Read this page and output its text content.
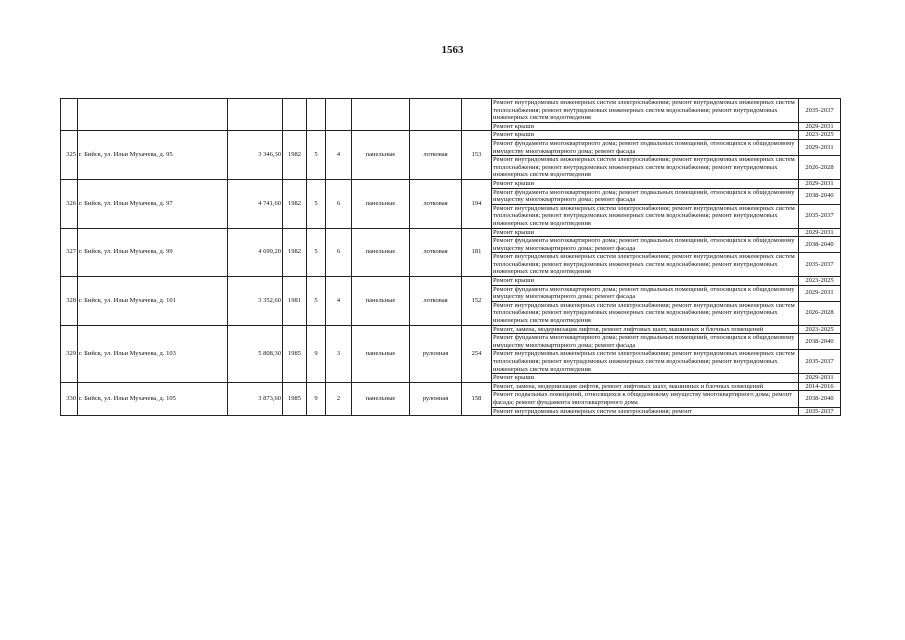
1563
									Ремонт внутридомовых инженерных систем электроснабжения; ремонт внутридомовых инженерных систем теплоснабжения; ремонт внутридомовых инженерных систем водоснабжения; ремонт внутридомовых инженерных систем водоотведения	2035-2037
									Ремонт крыши	2029-2031
325	г. Бийск, ул. Ильи Мухачева, д. 95	3 346,30	1982	5	4	панельные	лотковая	153	Ремонт крыши	2023-2025
									Ремонт фундамента многоквартирного дома; ремонт подвальных помещений, относящихся к общедомовому имуществу многоквартирного дома; ремонт фасада	2029-2031
									Ремонт внутридомовых инженерных систем электроснабжения; ремонт внутридомовых инженерных систем теплоснабжения; ремонт внутридомовых инженерных систем водоснабжения; ремонт внутридомовых инженерных систем водоотведения	2026-2028
326	г. Бийск, ул. Ильи Мухачева, д. 97	4 741,60	1982	5	6	панельные	лотковая	194	Ремонт крыши	2029-2031
									Ремонт фундамента многоквартирного дома; ремонт подвальных помещений, относящихся к общедомовому имуществу многоквартирного дома; ремонт фасада	2038-2040
									Ремонт внутридомовых инженерных систем электроснабжения; ремонт внутридомовых инженерных систем теплоснабжения; ремонт внутридомовых инженерных систем водоснабжения; ремонт внутридомовых инженерных систем водоотведения	2035-2037
327	г. Бийск, ул. Ильи Мухачева, д. 99	4 699,20	1982	5	6	панельные	лотковая	181	Ремонт крыши	2029-2031
									Ремонт фундамента многоквартирного дома; ремонт подвальных помещений, относящихся к общедомовому имуществу многоквартирного дома; ремонт фасада	2038-2040
									Ремонт внутридомовых инженерных систем электроснабжения; ремонт внутридомовых инженерных систем теплоснабжения; ремонт внутридомовых инженерных систем водоснабжения; ремонт внутридомовых инженерных систем водоотведения	2035-2037
328	г. Бийск, ул. Ильи Мухачева, д. 101	3 352,60	1981	5	4	панельные	лотковая	152	Ремонт крыши	2023-2025
									Ремонт фундамента многоквартирного дома; ремонт подвальных помещений, относящихся к общедомовому имуществу многоквартирного дома; ремонт фасада	2029-2031
									Ремонт внутридомовых инженерных систем электроснабжения; ремонт внутридомовых инженерных систем теплоснабжения; ремонт внутридомовых инженерных систем водоснабжения; ремонт внутридомовых инженерных систем водоотведения	2026-2028
329	г. Бийск, ул. Ильи Мухачева, д. 103	5 808,30	1985	9	3	панельные	рулонная	254	Ремонт, замена, модернизация лифтов, ремонт лифтовых шахт, машинных и блочных помещений	2023-2025
									Ремонт фундамента многоквартирного дома; ремонт подвальных помещений, относящихся к общедомовому имуществу многоквартирного дома; ремонт фасада	2038-2040
									Ремонт внутридомовых инженерных систем электроснабжения; ремонт внутридомовых инженерных систем теплоснабжения; ремонт внутридомовых инженерных систем водоснабжения; ремонт внутридомовых инженерных систем водоотведения	2035-2037
									Ремонт крыши	2029-2031
330	г. Бийск, ул. Ильи Мухачева, д. 105	3 873,60	1985	9	2	панельные	рулонная	158	Ремонт, замена, модернизация лифтов, ремонт лифтовых шахт, машинных и блочных помещений	2014-2016
									Ремонт подвальных помещений, относящихся к общедомовому имуществу многоквартирного дома; ремонт фасада; ремонт фундамента многоквартирного дома	2038-2040
									Ремонт внутридомовых инженерных систем электроснабжения; ремонт	2035-2037
